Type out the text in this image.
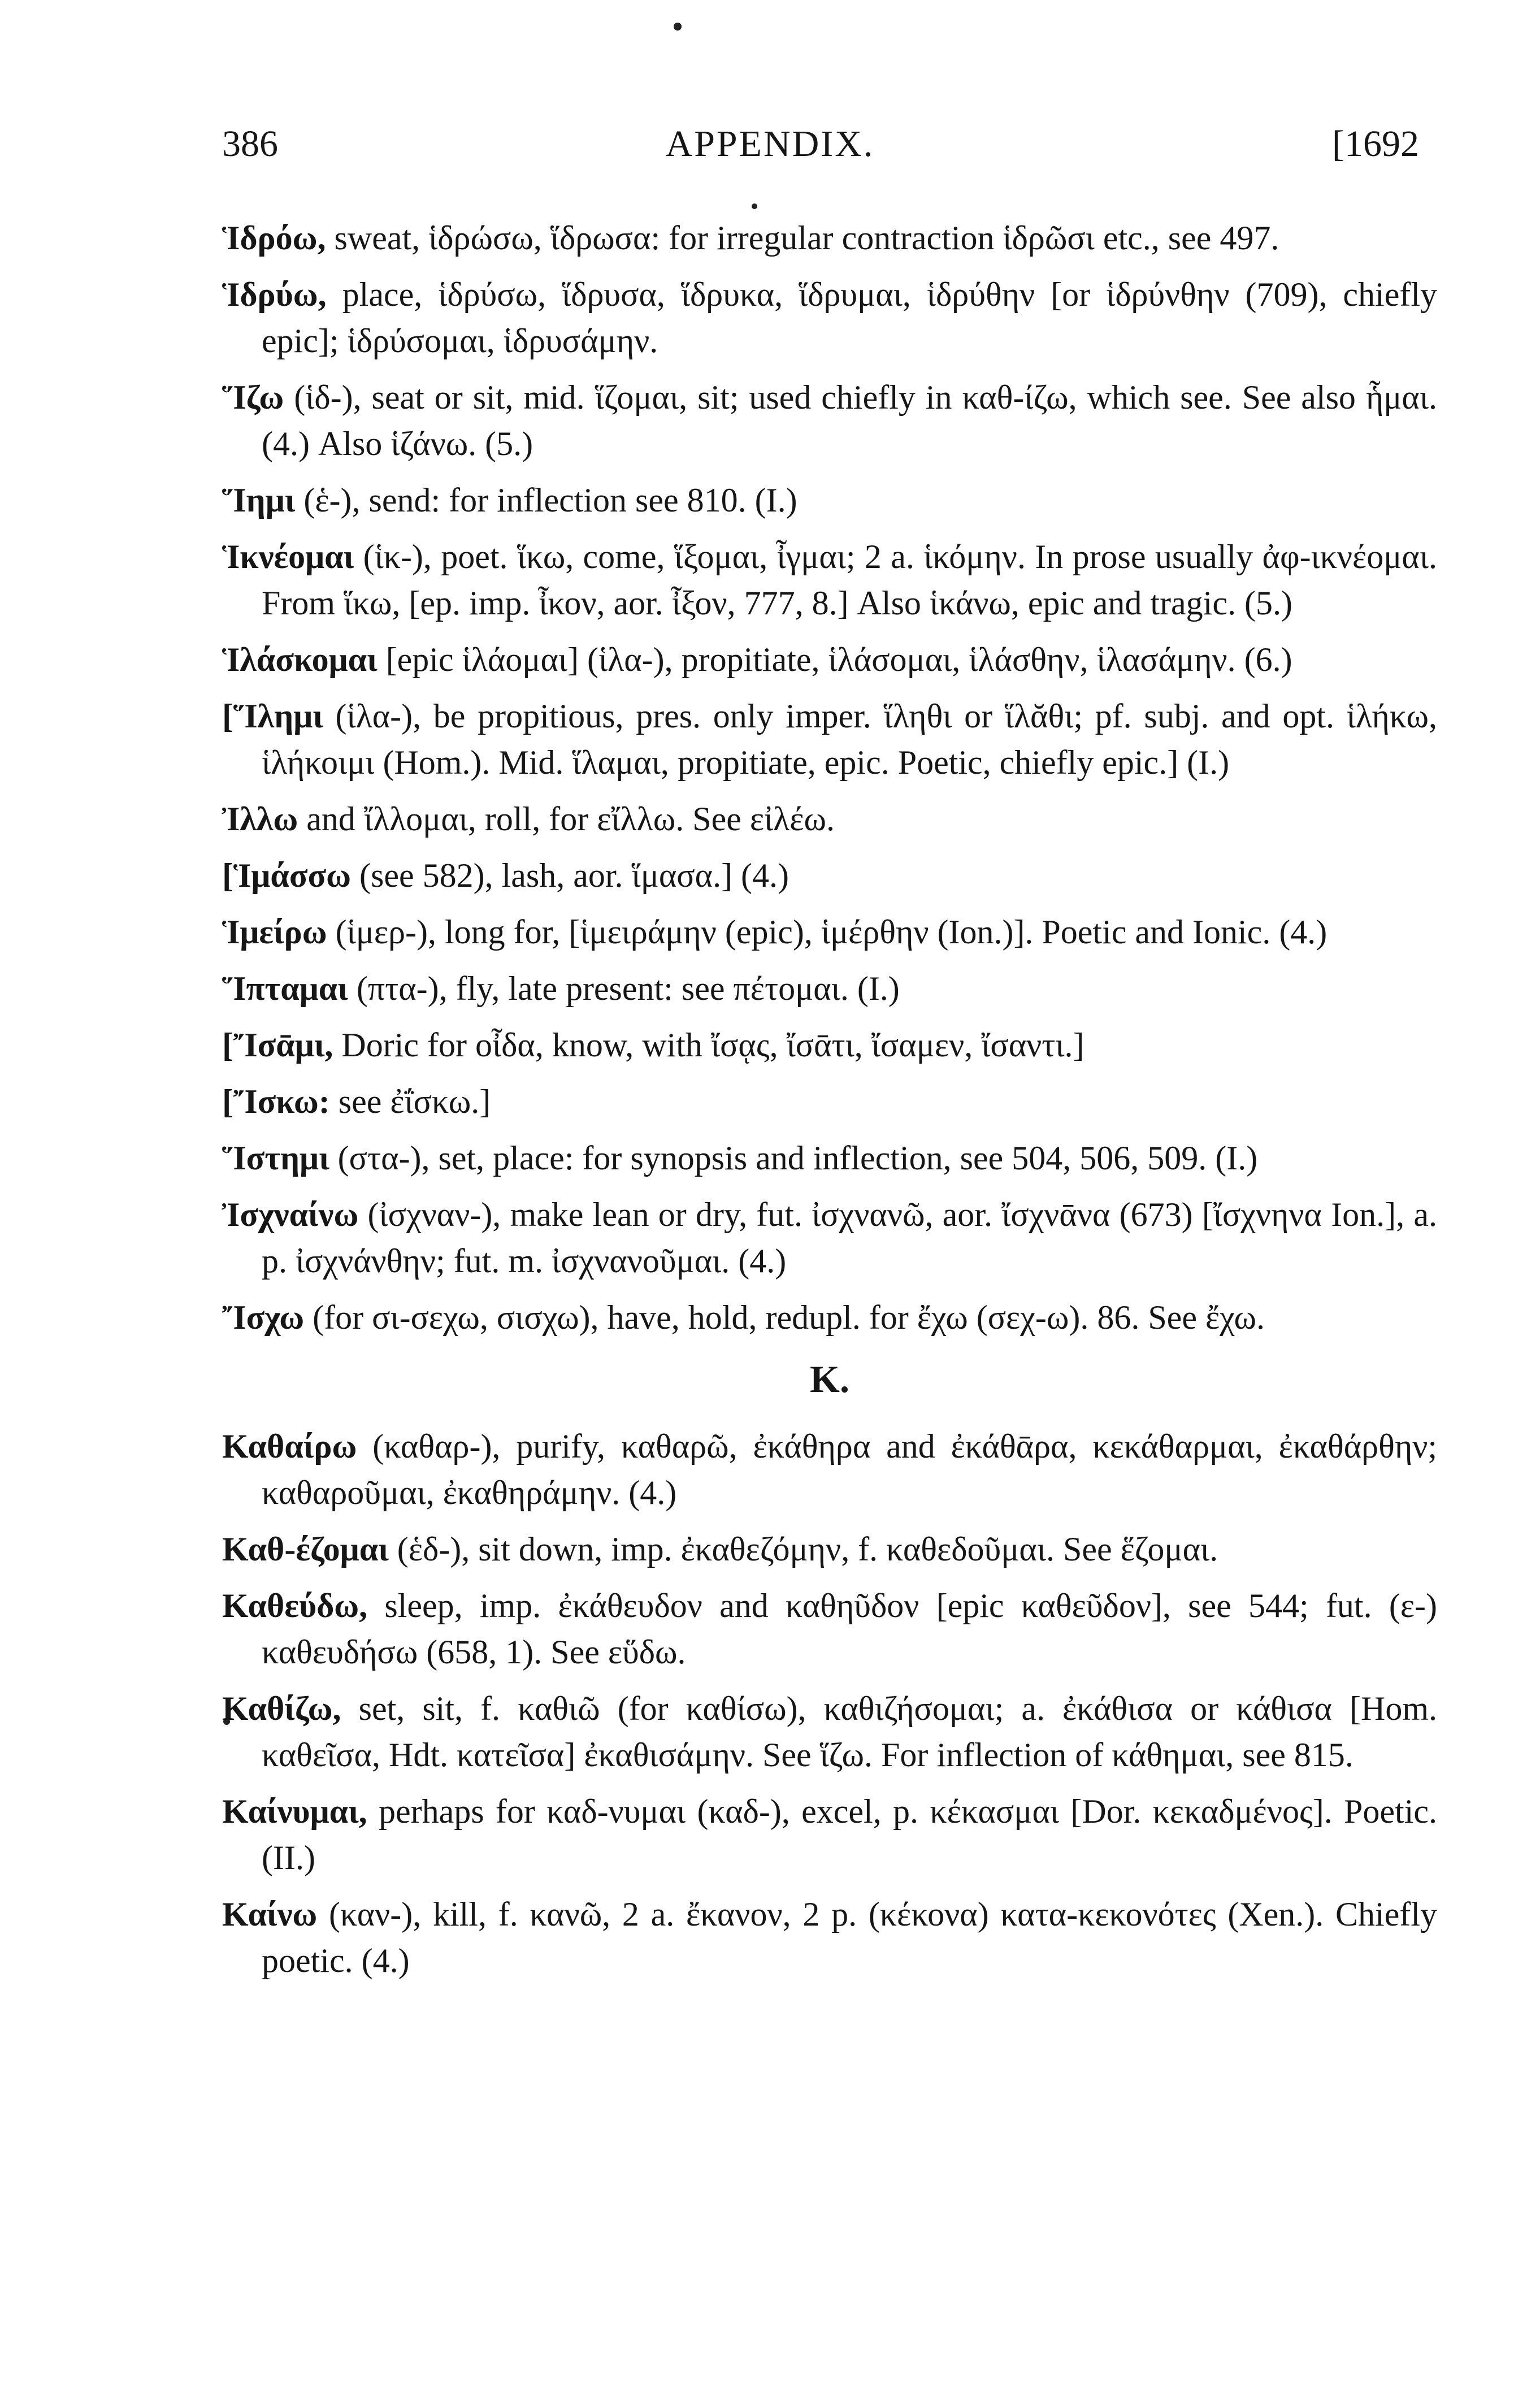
386	APPENDIX.	[1692

Ἱδρόω, sweat, ἱδρώσω, ἵδρωσα: for irregular contraction ἱδρῶσι etc., see 497.

Ἱδρύω, place, ἱδρύσω, ἵδρυσα, ἵδρυκα, ἵδρυμαι, ἱδρύθην [or ἱδρύνθην (709), chiefly epic]; ἱδρύσομαι, ἱδρυσάμην.

Ἵζω (ἱδ-), seat or sit, mid. ἵζομαι, sit; used chiefly in καθ-ίζω, which see. See also ἧμαι. (4.) Also ἱζάνω. (5.)

Ἵημι (ἑ-), send: for inflection see 810. (I.)

Ἱκνέομαι (ἱκ-), poet. ἵκω, come, ἵξομαι, ἶγμαι; 2 a. ἱκόμην. In prose usually ἀφ-ικνέομαι. From ἵκω, [ep. imp. ἶκον, aor. ἶξον, 777, 8.] Also ἱκάνω, epic and tragic. (5.)

Ἱλάσκομαι [epic ἱλάομαι] (ἱλα-), propitiate, ἱλάσομαι, ἱλάσθην, ἱλασάμην. (6.)

[Ἵλημι (ἱλα-), be propitious, pres. only imper. ἵληθι or ἵλᾰθι; pf. subj. and opt. ἱλήκω, ἱλήκοιμι (Hom.). Mid. ἵλαμαι, propitiate, epic. Poetic, chiefly epic.] (I.)

Ἰλλω and ἴλλομαι, roll, for εἴλλω. See εἰλέω.

[Ἱμάσσω (see 582), lash, aor. ἵμασα.] (4.)

Ἱμείρω (ἱμερ-), long for, [ἱμειράμην (epic), ἱμέρθην (Ion.)]. Poetic and Ionic. (4.)

Ἵπταμαι (πτα-), fly, late present: see πέτομαι. (I.)

[Ἴσᾱμι, Doric for οἶδα, know, with ἴσᾳς, ἴσᾱτι, ἴσαμεν, ἴσαντι.]

[Ἴσκω: see ἐΐσκω.]

Ἵστημι (στα-), set, place: for synopsis and inflection, see 504, 506, 509. (I.)

Ἰσχναίνω (ἰσχναν-), make lean or dry, fut. ἰσχνανῶ, aor. ἴσχνᾱνα (673) [ἴσχνηνα Ion.], a. p. ἰσχνάνθην; fut. m. ἰσχνανοῦμαι. (4.)

Ἴσχω (for σι-σεχω, σισχω), have, hold, redupl. for ἔχω (σεχ-ω). 86. See ἔχω.

K.

Καθαίρω (καθαρ-), purify, καθαρῶ, ἐκάθηρα and ἐκάθᾱρα, κεκάθαρμαι, ἐκαθάρθην; καθαροῦμαι, ἐκαθηράμην. (4.)

Καθ-έζομαι (ἑδ-), sit down, imp. ἐκαθεζόμην, f. καθεδοῦμαι. See ἕζομαι.

Καθεύδω, sleep, imp. ἐκάθευδον and καθηῦδον [epic καθεῦδον], see 544; fut. (ε-) καθευδήσω (658, 1). See εὕδω.

Καθίζω, set, sit, f. καθιῶ (for καθίσω), καθιζήσομαι; a. ἐκάθισα or κάθισα [Hom. καθεῖσα, Hdt. κατεῖσα] ἐκαθισάμην. See ἵζω. For inflection of κάθημαι, see 815.

Καίνυμαι, perhaps for καδ-νυμαι (καδ-), excel, p. κέκασμαι [Dor. κεκαδμένος]. Poetic. (II.)

Καίνω (καν-), kill, f. κανῶ, 2 a. ἔκανον, 2 p. (κέκονα) κατα-κεκονότες (Xen.). Chiefly poetic. (4.)
